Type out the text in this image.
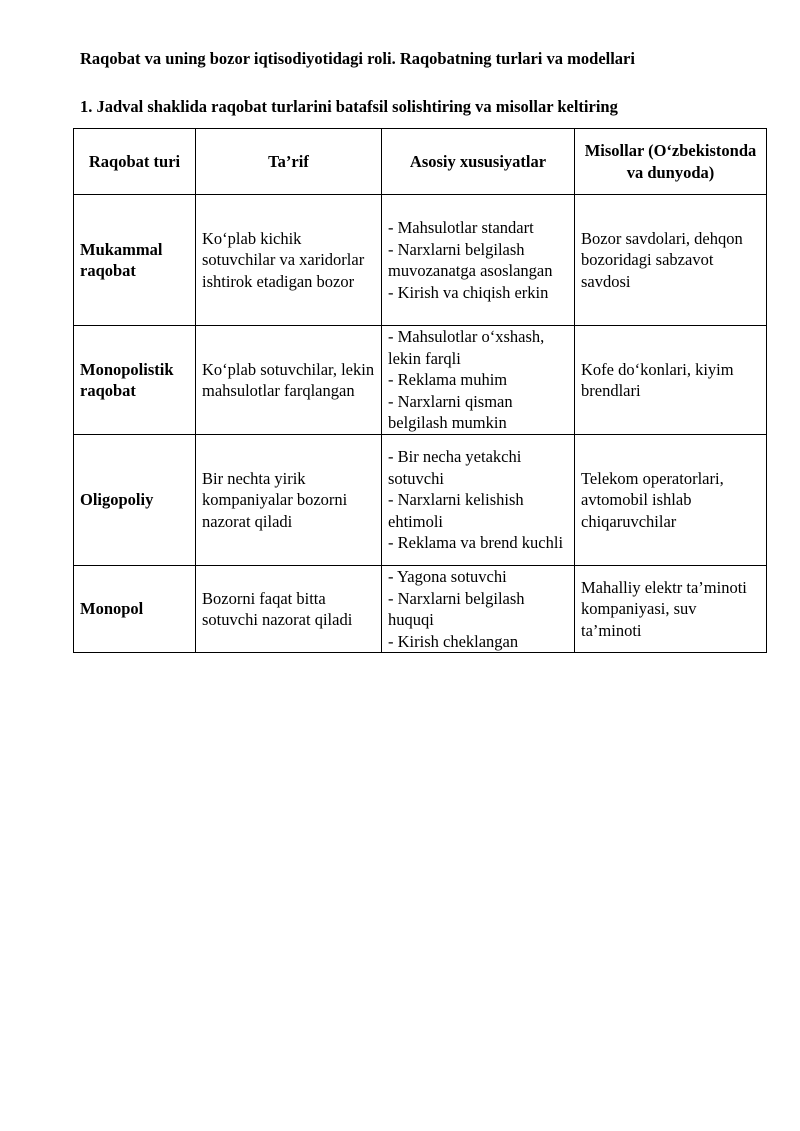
Raqobat va uning bozor iqtisodiyotidagi roli. Raqobatning turlari va modellari
1. Jadval shaklida raqobat turlarini batafsil solishtiring va misollar keltiring
Raqobat turi	Ta’rif	Asosiy xususiyatlar	Misollar (O‘zbekistonda va dunyoda)
Mukammal raqobat	Ko‘plab kichik sotuvchilar va xaridorlar ishtirok etadigan bozor	- Mahsulotlar standart
- Narxlarni belgilash muvozanatga asoslangan
- Kirish va chiqish erkin	Bozor savdolari, dehqon bozoridagi sabzavot savdosi
Monopolistik raqobat	Ko‘plab sotuvchilar, lekin mahsulotlar farqlangan	- Mahsulotlar o‘xshash, lekin farqli
- Reklama muhim
- Narxlarni qisman belgilash mumkin	Kofe do‘konlari, kiyim brendlari
Oligopoliy	Bir nechta yirik kompaniyalar bozorni nazorat qiladi	- Bir necha yetakchi sotuvchi
- Narxlarni kelishish ehtimoli
- Reklama va brend kuchli	Telekom operatorlari, avtomobil ishlab chiqaruvchilar
Monopol	Bozorni faqat bitta sotuvchi nazorat qiladi	- Yagona sotuvchi
- Narxlarni belgilash huquqi
- Kirish cheklangan	Mahalliy elektr ta’minoti kompaniyasi, suv ta’minoti
